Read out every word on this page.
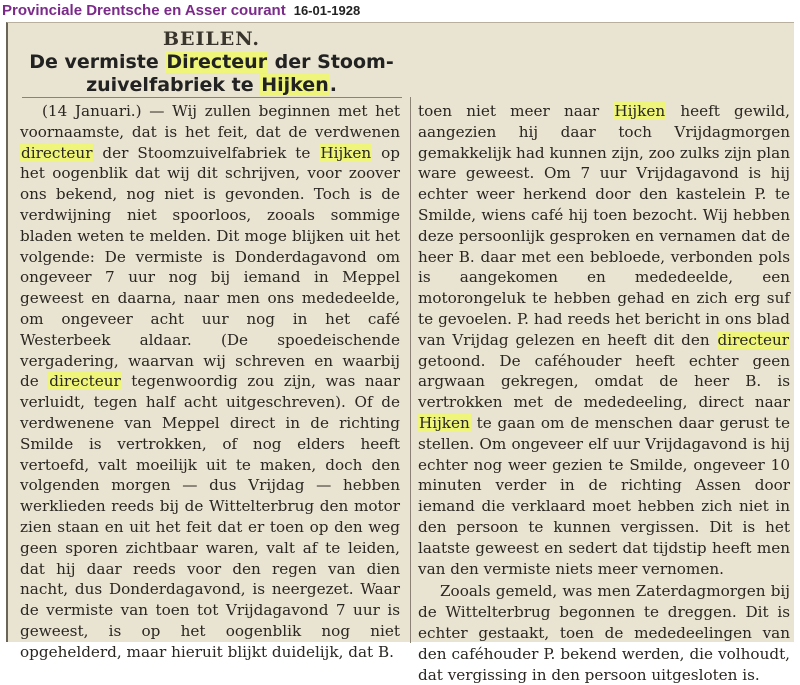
Provinciale Drentsche en Asser courant 16-01-1928
BEILEN.
De vermiste Directeur der Stoom-zuivelfabriek te Hijken.

(14 Januari.) — Wij zullen beginnen met het voornaamste, dat is het feit, dat de verdwenen directeur der Stoomzuivelfabriek te Hijken op het oogenblik dat wij dit schrijven, voor zoover ons bekend, nog niet is gevonden. Toch is de verdwijning niet spoorloos, zooals sommige bladen weten te melden. Dit moge blijken uit het volgende: De vermiste is Donderdagavond om ongeveer 7 uur nog bij iemand in Meppel geweest en daarna, naar men ons mededeelde, om ongeveer acht uur nog in het café Westerbeek aldaar. (De spoedeischende vergadering, waarvan wij schreven en waarbij de directeur tegenwoordig zou zijn, was naar verluidt, tegen half acht uitgeschreven). Of de verdwenene van Meppel direct in de richting Smilde is vertrokken, of nog elders heeft vertoefd, valt moeilijk uit te maken, doch den volgenden morgen — dus Vrijdag — hebben werklieden reeds bij de Wittelterbrug den motor zien staan en uit het feit dat er toen op den weg geen sporen zichtbaar waren, valt af te leiden, dat hij daar reeds voor den regen van dien nacht, dus Donderdagavond, is neergezet. Waar de vermiste van toen tot Vrijdagavond 7 uur is geweest, is op het oogenblik nog niet opgehelderd, maar hieruit blijkt duidelijk, dat B.

toen niet meer naar Hijken heeft gewild, aangezien hij daar toch Vrijdagmorgen gemakkelijk had kunnen zijn, zoo zulks zijn plan ware geweest. Om 7 uur Vrijdagavond is hij echter weer herkend door den kastelein P. te Smilde, wiens café hij toen bezocht. Wij hebben deze persoonlijk gesproken en vernamen dat de heer B. daar met een bebloede, verbonden pols is aangekomen en mededeelde, een motorongeluk te hebben gehad en zich erg suf te gevoelen. P. had reeds het bericht in ons blad van Vrijdag gelezen en heeft dit den directeur getoond. De caféhouder heeft echter geen argwaan gekregen, omdat de heer B. is vertrokken met de mededeeling, direct naar Hijken te gaan om de menschen daar gerust te stellen. Om ongeveer elf uur Vrijdagavond is hij echter nog weer gezien te Smilde, ongeveer 10 minuten verder in de richting Assen door iemand die verklaard moet hebben zich niet in den persoon te kunnen vergissen. Dit is het laatste geweest en sedert dat tijdstip heeft men van den vermiste niets meer vernomen.

Zooals gemeld, was men Zaterdagmorgen bij de Wittelterbrug begonnen te dreggen. Dit is echter gestaakt, toen de mededeelingen van den caféhouder P. bekend werden, die volhoudt, dat vergissing in den persoon uitgesloten is.
